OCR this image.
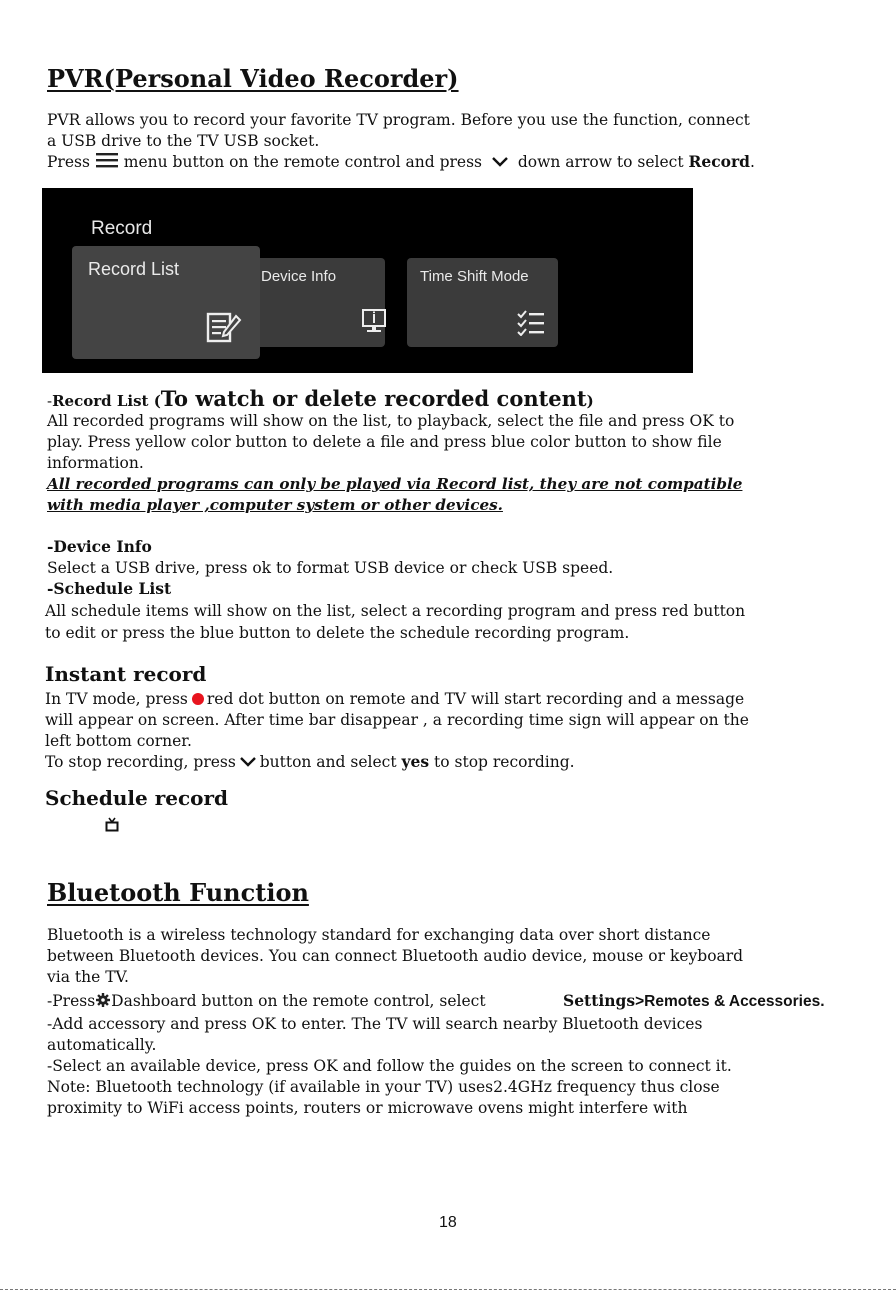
PVR(Personal Video Recorder)
PVR allows you to record your favorite TV program. Before you use the function, connect
a USB drive to the TV USB socket.
Press menu button on the remote control and press down arrow to select Record.
Record
Device Info
Record List	Time Shift Mode
-Record List (To watch or delete recorded content)
All recorded programs will show on the list, to playback, select the file and press OK to
play. Press yellow color button to delete a file and press blue color button to show file
information.
All recorded programs can only be played via Record list, they are not compatible
with media player ,computer system or other devices.
-Device Info
Select a USB drive, press ok to format USB device or check USB speed.
-Schedule List
All schedule items will show on the list, select a recording program and press red button
to edit or press the blue button to delete the schedule recording program.
Instant record
In TV mode, press red dot button on remote and TV will start recording and a message
will appear on screen. After time bar disappear , a recording time sign will appear on the
left bottom corner.
To stop recording, press button and select yes to stop recording.
Schedule record
Bluetooth Function
Bluetooth is a wireless technology standard for exchanging data over short distance
between Bluetooth devices. You can connect Bluetooth audio device, mouse or keyboard
via the TV.
-Press Dashboard button on the remote control, select	Settings>Remotes & Accessories.
-Add accessory and press OK to enter. The TV will search nearby Bluetooth devices
automatically.
-Select an available device, press OK and follow the guides on the screen to connect it.
Note: Bluetooth technology (if available in your TV) uses2.4GHz frequency thus close
proximity to WiFi access points, routers or microwave ovens might interfere with
18
